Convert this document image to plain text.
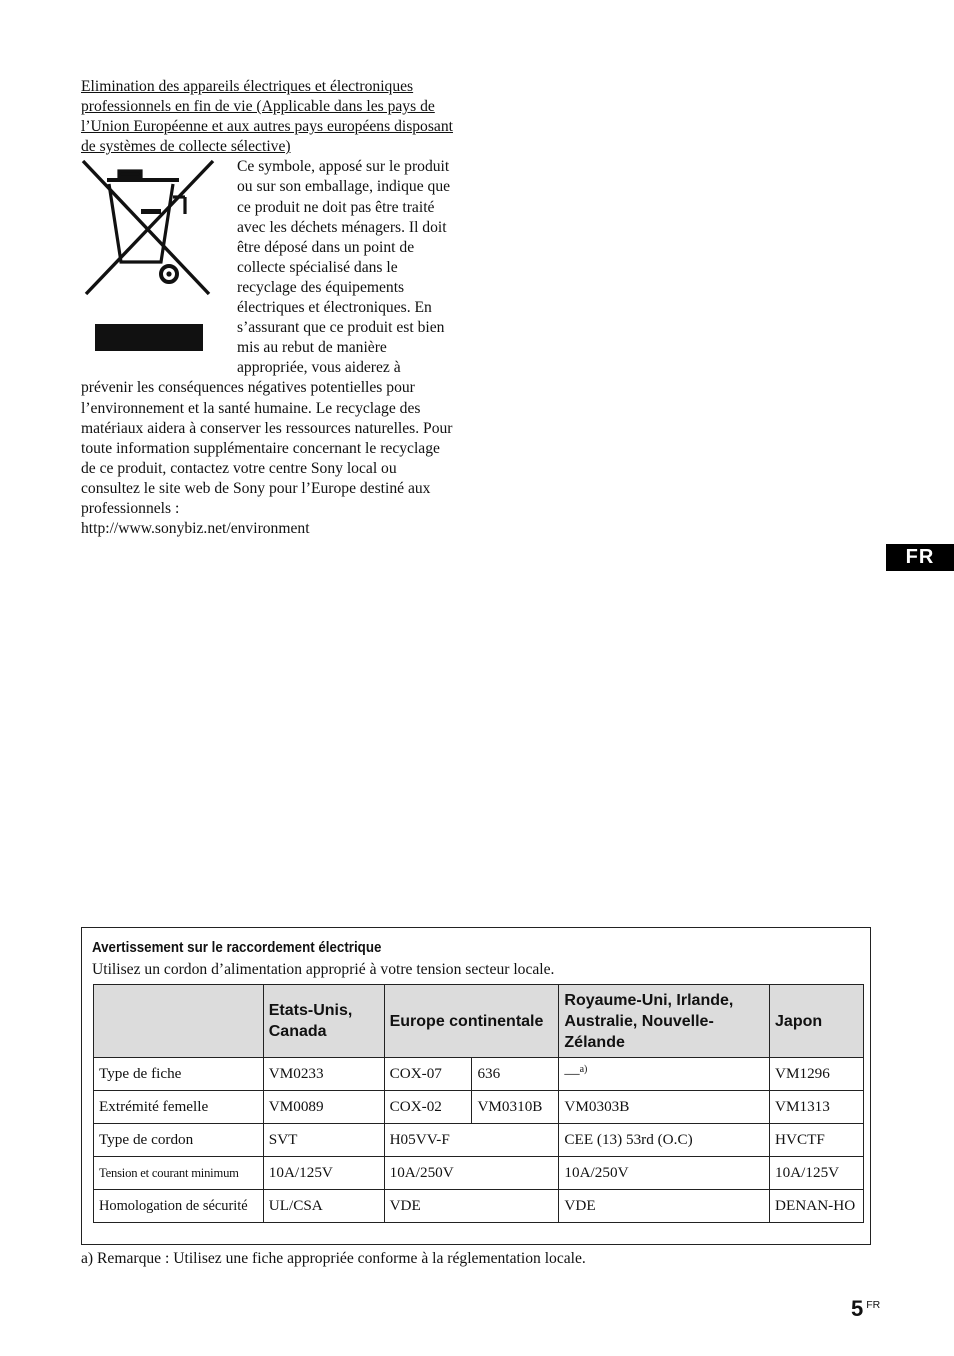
Elimination des appareils électriques et électroniques professionnels en fin de vie (Applicable dans les pays de l’Union Européenne et aux autres pays européens disposant de systèmes de collecte sélective)

Ce symbole, apposé sur le produit ou sur son emballage, indique que ce produit ne doit pas être traité avec les déchets ménagers. Il doit être déposé dans un point de collecte spécialisé dans le recyclage des équipements électriques et électroniques. En s’assurant que ce produit est bien mis au rebut de manière appropriée, vous aiderez à prévenir les conséquences négatives potentielles pour l’environnement et la santé humaine. Le recyclage des matériaux aidera à conserver les ressources naturelles. Pour toute information supplémentaire concernant le recyclage de ce produit, contactez votre centre Sony local ou consultez le site web de Sony pour l’Europe destiné aux professionnels :

http://www.sonybiz.net/environment
FR
Avertissement sur le raccordement électrique
Utilisez un cordon d’alimentation approprié à votre tension secteur locale.
	Etats-Unis, Canada	Europe continentale		Royaume-Uni, Irlande, Australie, Nouvelle-Zélande	Japon
Type de fiche	VM0233	COX-07	636	—$^{a)}$	VM1296
Extrémité femelle	VM0089	COX-02	VM0310B	VM0303B	VM1313
Type de cordon	SVT	H05VV-F		CEE (13) 53rd (O.C)	HVCTF
Tension et courant minimum	10A/125V	10A/250V		10A/250V	10A/125V
Homologation de sécurité	UL/CSA	VDE		VDE	DENAN-HO
a) Remarque : Utilisez une fiche appropriée conforme à la réglementation locale.
5 $^{FR}$
